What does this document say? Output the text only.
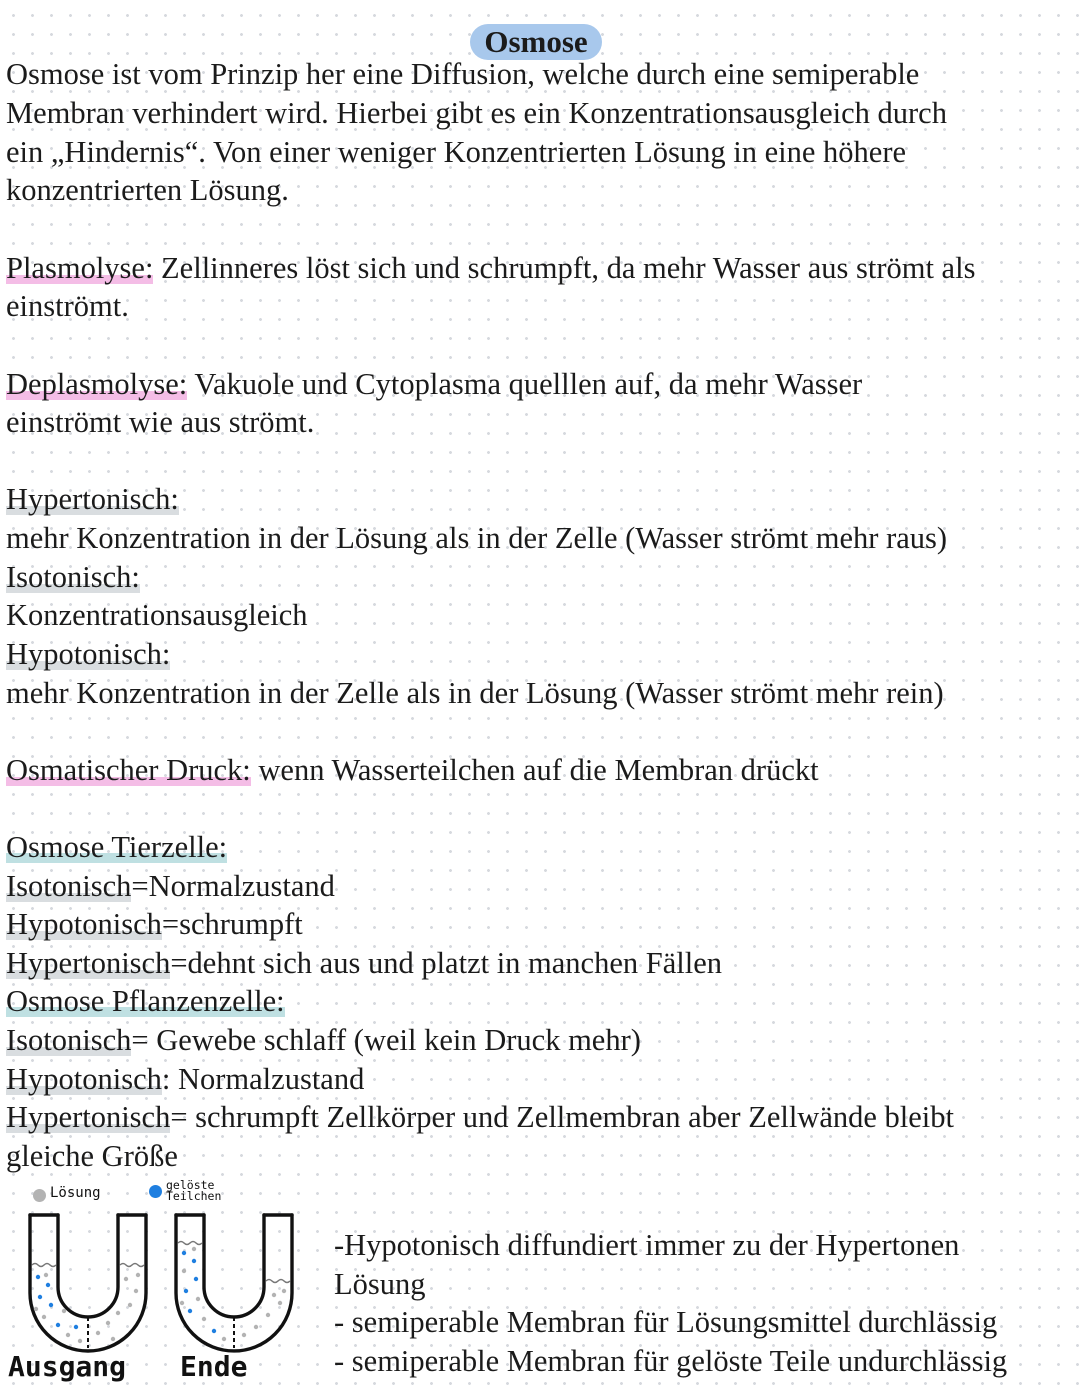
Osmose
Osmose ist vom Prinzip her eine Diffusion, welche durch eine semiperable
Membran verhindert wird. Hierbei gibt es ein Konzentrationsausgleich durch
ein „Hindernis“. Von einer weniger Konzentrierten Lösung in eine höhere
konzentrierten Lösung.
Plasmolyse: Zellinneres löst sich und schrumpft, da mehr Wasser aus strömt als
einströmt.
Deplasmolyse: Vakuole und Cytoplasma quelllen auf, da mehr Wasser
einströmt wie aus strömt.
Hypertonisch:
mehr Konzentration in der Lösung als in der Zelle (Wasser strömt mehr raus)
Isotonisch:
Konzentrationsausgleich
Hypotonisch:
mehr Konzentration in der Zelle als in der Lösung (Wasser strömt mehr rein)
Osmatischer Druck: wenn Wasserteilchen auf die Membran drückt
Osmose Tierzelle:
Isotonisch=Normalzustand
Hypotonisch=schrumpft
Hypertonisch=dehnt sich aus und platzt in manchen Fällen
Osmose Pflanzenzelle:
Isotonisch= Gewebe schlaff (weil kein Druck mehr)
Hypotonisch: Normalzustand
Hypertonisch= schrumpft Zellkörper und Zellmembran aber Zellwände bleibt
gleiche Größe
Lösung	gelöste Teilchen
Ausgang Ende
-Hypotonisch diffundiert immer zu der Hypertonen
Lösung
- semiperable Membran für Lösungsmittel durchlässig
- semiperable Membran für gelöste Teile undurchlässig
